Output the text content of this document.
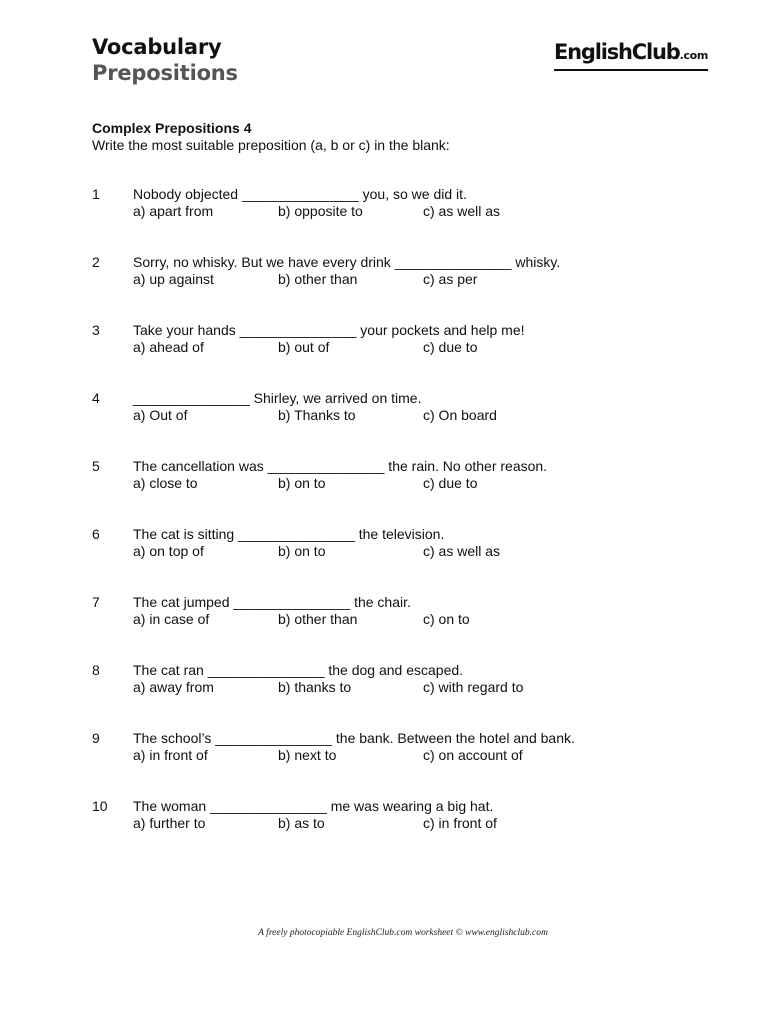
Vocabulary
Prepositions
EnglishClub.com
Complex Prepositions 4
Write the most suitable preposition (a, b or c) in the blank:
1 Nobody objected _______________ you, so we did it.
a) apart from	b) opposite to	c) as well as
2 Sorry, no whisky. But we have every drink _______________ whisky.
a) up against	b) other than	c) as per
3 Take your hands _______________ your pockets and help me!
a) ahead of	b) out of	c) due to
4 _______________ Shirley, we arrived on time.
a) Out of	b) Thanks to	c) On board
5 The cancellation was _______________ the rain. No other reason.
a) close to	b) on to	c) due to
6 The cat is sitting _______________ the television.
a) on top of	b) on to	c) as well as
7 The cat jumped _______________ the chair.
a) in case of	b) other than	c) on to
8 The cat ran _______________ the dog and escaped.
a) away from	b) thanks to	c) with regard to
9 The school’s _______________ the bank. Between the hotel and bank.
a) in front of	b) next to	c) on account of
10 The woman _______________ me was wearing a big hat.
a) further to	b) as to	c) in front of
A freely photocopiable EnglishClub.com worksheet © www.englishclub.com
